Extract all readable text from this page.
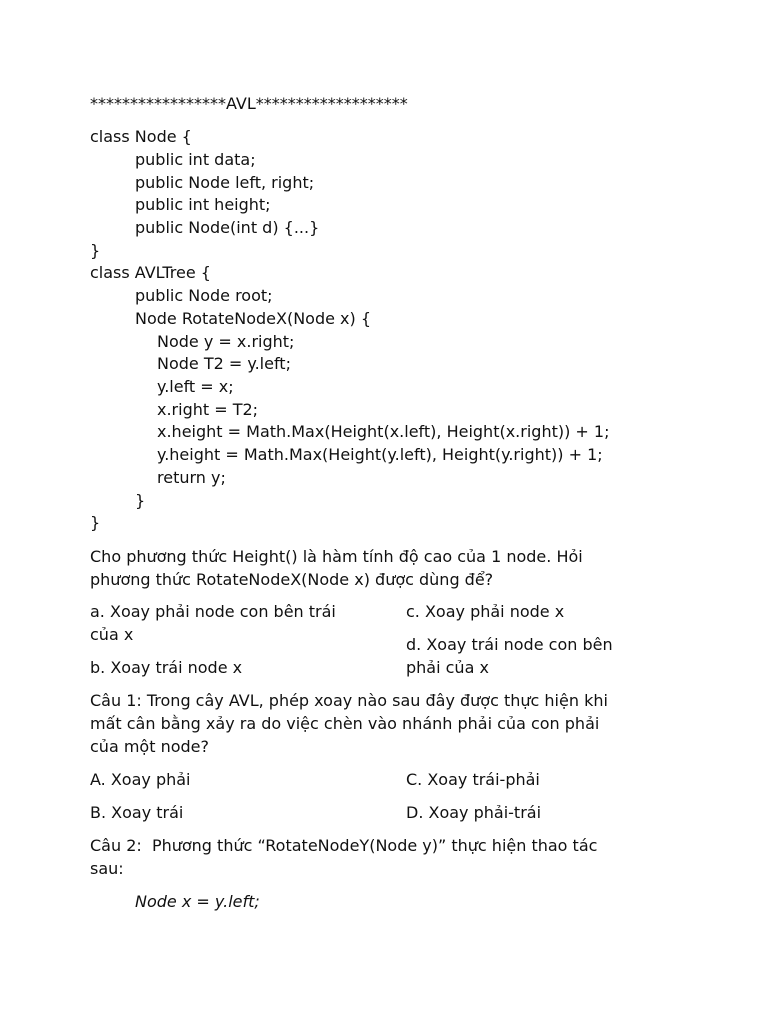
*****************AVL*******************
class Node {
public int data;
public Node left, right;
public int height;
public Node(int d) {...}
}
class AVLTree {
public Node root;
Node RotateNodeX(Node x) {
Node y = x.right;
Node T2 = y.left;
y.left = x;
x.right = T2;
x.height = Math.Max(Height(x.left), Height(x.right)) + 1;
y.height = Math.Max(Height(y.left), Height(y.right)) + 1;
return y;
}
}
Cho phương thức Height() là hàm tính độ cao của 1 node. Hỏi
phương thức RotateNodeX(Node x) được dùng để?
a. Xoay phải node con bên trái
của x
b. Xoay trái node x
c. Xoay phải node x
d. Xoay trái node con bên
phải của x
Câu 1: Trong cây AVL, phép xoay nào sau đây được thực hiện khi
mất cân bằng xảy ra do việc chèn vào nhánh phải của con phải
của một node?
A. Xoay phải
B. Xoay trái
C. Xoay trái-phải
D. Xoay phải-trái
Câu 2:  Phương thức “RotateNodeY(Node y)” thực hiện thao tác
sau:
Node x = y.left;
